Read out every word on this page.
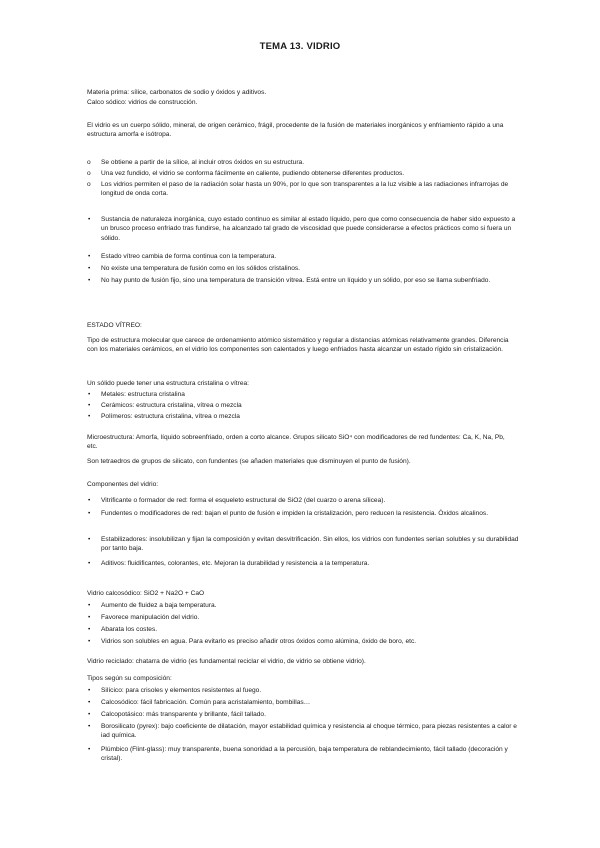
TEMA 13. VIDRIO
Materia prima: sílice, carbonatos de sodio y óxidos y aditivos.
Calco sódico: vidrios de construcción.
El vidrio es un cuerpo sólido, mineral, de origen cerámico, frágil, procedente de la fusión de materiales inorgánicos y enfriamiento rápido a una estructura amorfa e isótropa.
o Se obtiene a partir de la sílice, al incluir otros óxidos en su estructura.
o Una vez fundido, el vidrio se conforma fácilmente en caliente, pudiendo obtenerse diferentes productos.
o Los vidrios permiten el paso de la radiación solar hasta un 90%, por lo que son transparentes a la luz visible a las radiaciones infrarrojas de longitud de onda corta.
• Sustancia de naturaleza inorgánica, cuyo estado continuo es similar al estado líquido, pero que como consecuencia de haber sido expuesto a un brusco proceso enfriado tras fundirse, ha alcanzado tal grado de viscosidad que puede considerarse a efectos prácticos como si fuera un sólido.
• Estado vítreo cambia de forma continua con la temperatura.
• No existe una temperatura de fusión como en los sólidos cristalinos.
• No hay punto de fusión fijo, sino una temperatura de transición vítrea. Está entre un líquido y un sólido, por eso se llama subenfriado.
ESTADO VÍTREO:
Tipo de estructura molecular que carece de ordenamiento atómico sistemático y regular a distancias atómicas relativamente grandes. Diferencia con los materiales cerámicos, en el vidrio los componentes son calentados y luego enfriados hasta alcanzar un estado rígido sin cristalización.
Un sólido puede tener una estructura cristalina o vítrea:
• Metales: estructura cristalina
• Cerámicos: estructura cristalina, vítrea o mezcla
• Polímeros: estructura cristalina, vítrea o mezcla
Microestructura: Amorfa, líquido sobreenfriado, orden a corto alcance. Grupos silicato SiO⁴ con modificadores de red fundentes: Ca, K, Na, Pb, etc.
Son tetraedros de grupos de silicato, con fundentes (se añaden materiales que disminuyen el punto de fusión).
Componentes del vidrio:
• Vitrificante o formador de red: forma el esqueleto estructural de SiO2 (del cuarzo o arena sílicea).
• Fundentes o modificadores de red: bajan el punto de fusión e impiden la cristalización, pero reducen la resistencia. Óxidos alcalinos.
• Estabilizadores: insolubilizan y fijan la composición y evitan desvitrificación. Sin ellos, los vidrios con fundentes serían solubles y su durabilidad por tanto baja.
• Aditivos: fluidificantes, colorantes, etc. Mejoran la durabilidad y resistencia a la temperatura.
Vidrio calcosódico: SiO2 + Na2O + CaO
• Aumento de fluidez a baja temperatura.
• Favorece manipulación del vidrio.
• Abarata los costes.
• Vidrios son solubles en agua. Para evitarlo es preciso añadir otros óxidos como alúmina, óxido de boro, etc.
Vidrio reciclado: chatarra de vidrio (es fundamental reciclar el vidrio, de vidrio se obtiene vidrio).
Tipos según su composición:
• Silícico: para crisoles y elementos resistentes al fuego.
• Calcosódico: fácil fabricación. Común para acristalamiento, bombillas…
• Calcopotásico: más transparente y brillante, fácil tallado.
• Borosilicato (pyrex): bajo coeficiente de dilatación, mayor estabilidad química y resistencia al choque térmico, para piezas resistentes a calor e iad química.
• Plúmbico (Flint-glass): muy transparente, buena sonoridad a la percusión, baja temperatura de reblandecimiento, fácil tallado (decoración y cristal).
